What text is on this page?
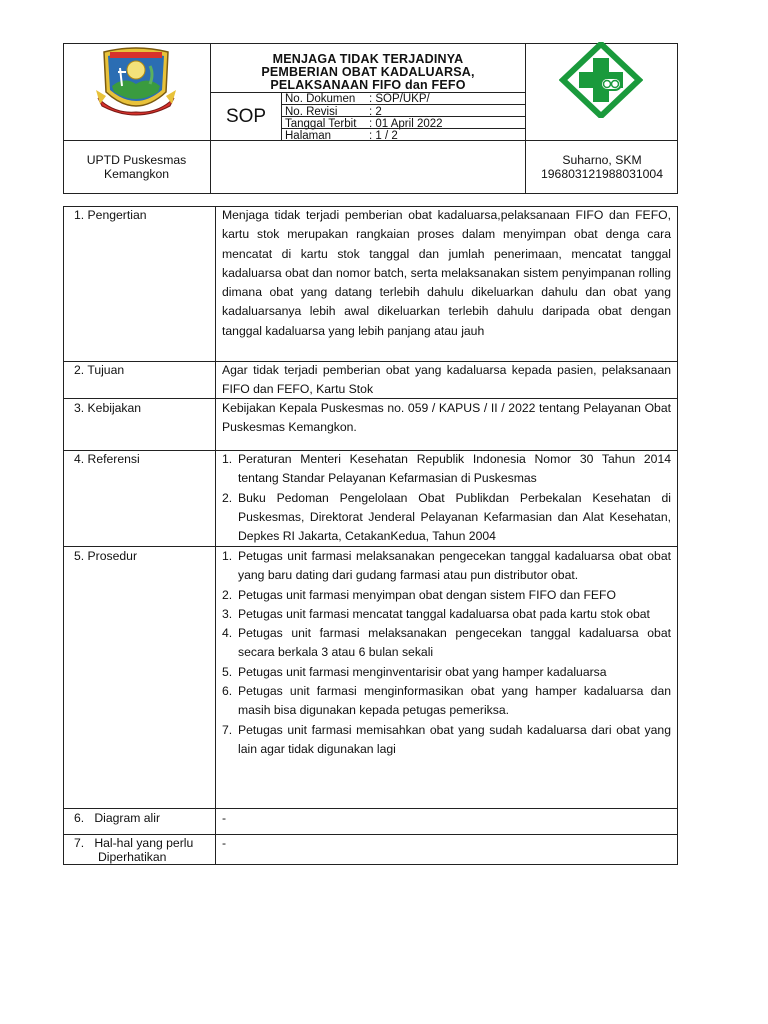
MENJAGA TIDAK TERJADINYA
PEMBERIAN OBAT KADALUARSA,
PELAKSANAAN FIFO dan FEFO
SOP
No. Dokumen : SOP/UKP/
No. Revisi	: 2
Tanggal Terbit : 01 April 2022
Halaman	: 1 / 2
UPTD Puskesmas
Kemangkon
Suharno, SKM
196803121988031004
1. Pengertian	Menjaga tidak terjadi pemberian obat kadaluarsa,pelaksanaan FIFO dan FEFO, kartu stok merupakan rangkaian proses dalam menyimpan obat denga cara mencatat di kartu stok tanggal dan jumlah penerimaan, mencatat tanggal kadaluarsa obat dan nomor batch, serta melaksanakan sistem penyimpanan rolling dimana obat yang datang terlebih dahulu dikeluarkan dahulu dan obat yang kadaluarsanya lebih awal dikeluarkan terlebih dahulu daripada obat dengan tanggal kadaluarsa yang lebih panjang atau jauh
2. Tujuan	Agar tidak terjadi pemberian obat yang kadaluarsa kepada pasien, pelaksanaan FIFO dan FEFO, Kartu Stok
3. Kebijakan	Kebijakan Kepala Puskesmas no. 059 / KAPUS / II / 2022 tentang Pelayanan Obat Puskesmas Kemangkon.
4. Referensi	1. Peraturan Menteri Kesehatan Republik Indonesia Nomor 30 Tahun 2014 tentang Standar Pelayanan Kefarmasian di Puskesmas
2. Buku Pedoman Pengelolaan Obat Publikdan Perbekalan Kesehatan di Puskesmas, Direktorat Jenderal Pelayanan Kefarmasian dan Alat Kesehatan, Depkes RI Jakarta, CetakanKedua, Tahun 2004
5. Prosedur	1. Petugas unit farmasi melaksanakan pengecekan tanggal kadaluarsa obat obat yang baru dating dari gudang farmasi atau pun distributor obat.
2. Petugas unit farmasi menyimpan obat dengan sistem FIFO dan FEFO
3. Petugas unit farmasi mencatat tanggal kadaluarsa obat pada kartu stok obat
4. Petugas unit farmasi melaksanakan pengecekan tanggal kadaluarsa obat secara berkala 3 atau 6 bulan sekali
5. Petugas unit farmasi menginventarisir obat yang hamper kadaluarsa
6. Petugas unit farmasi menginformasikan obat yang hamper kadaluarsa dan masih bisa digunakan kepada petugas pemeriksa.
7. Petugas unit farmasi memisahkan obat yang sudah kadaluarsa dari obat yang lain agar tidak digunakan lagi
6.   Diagram alir	-
7.   Hal-hal yang perlu
Diperhatikan
-
